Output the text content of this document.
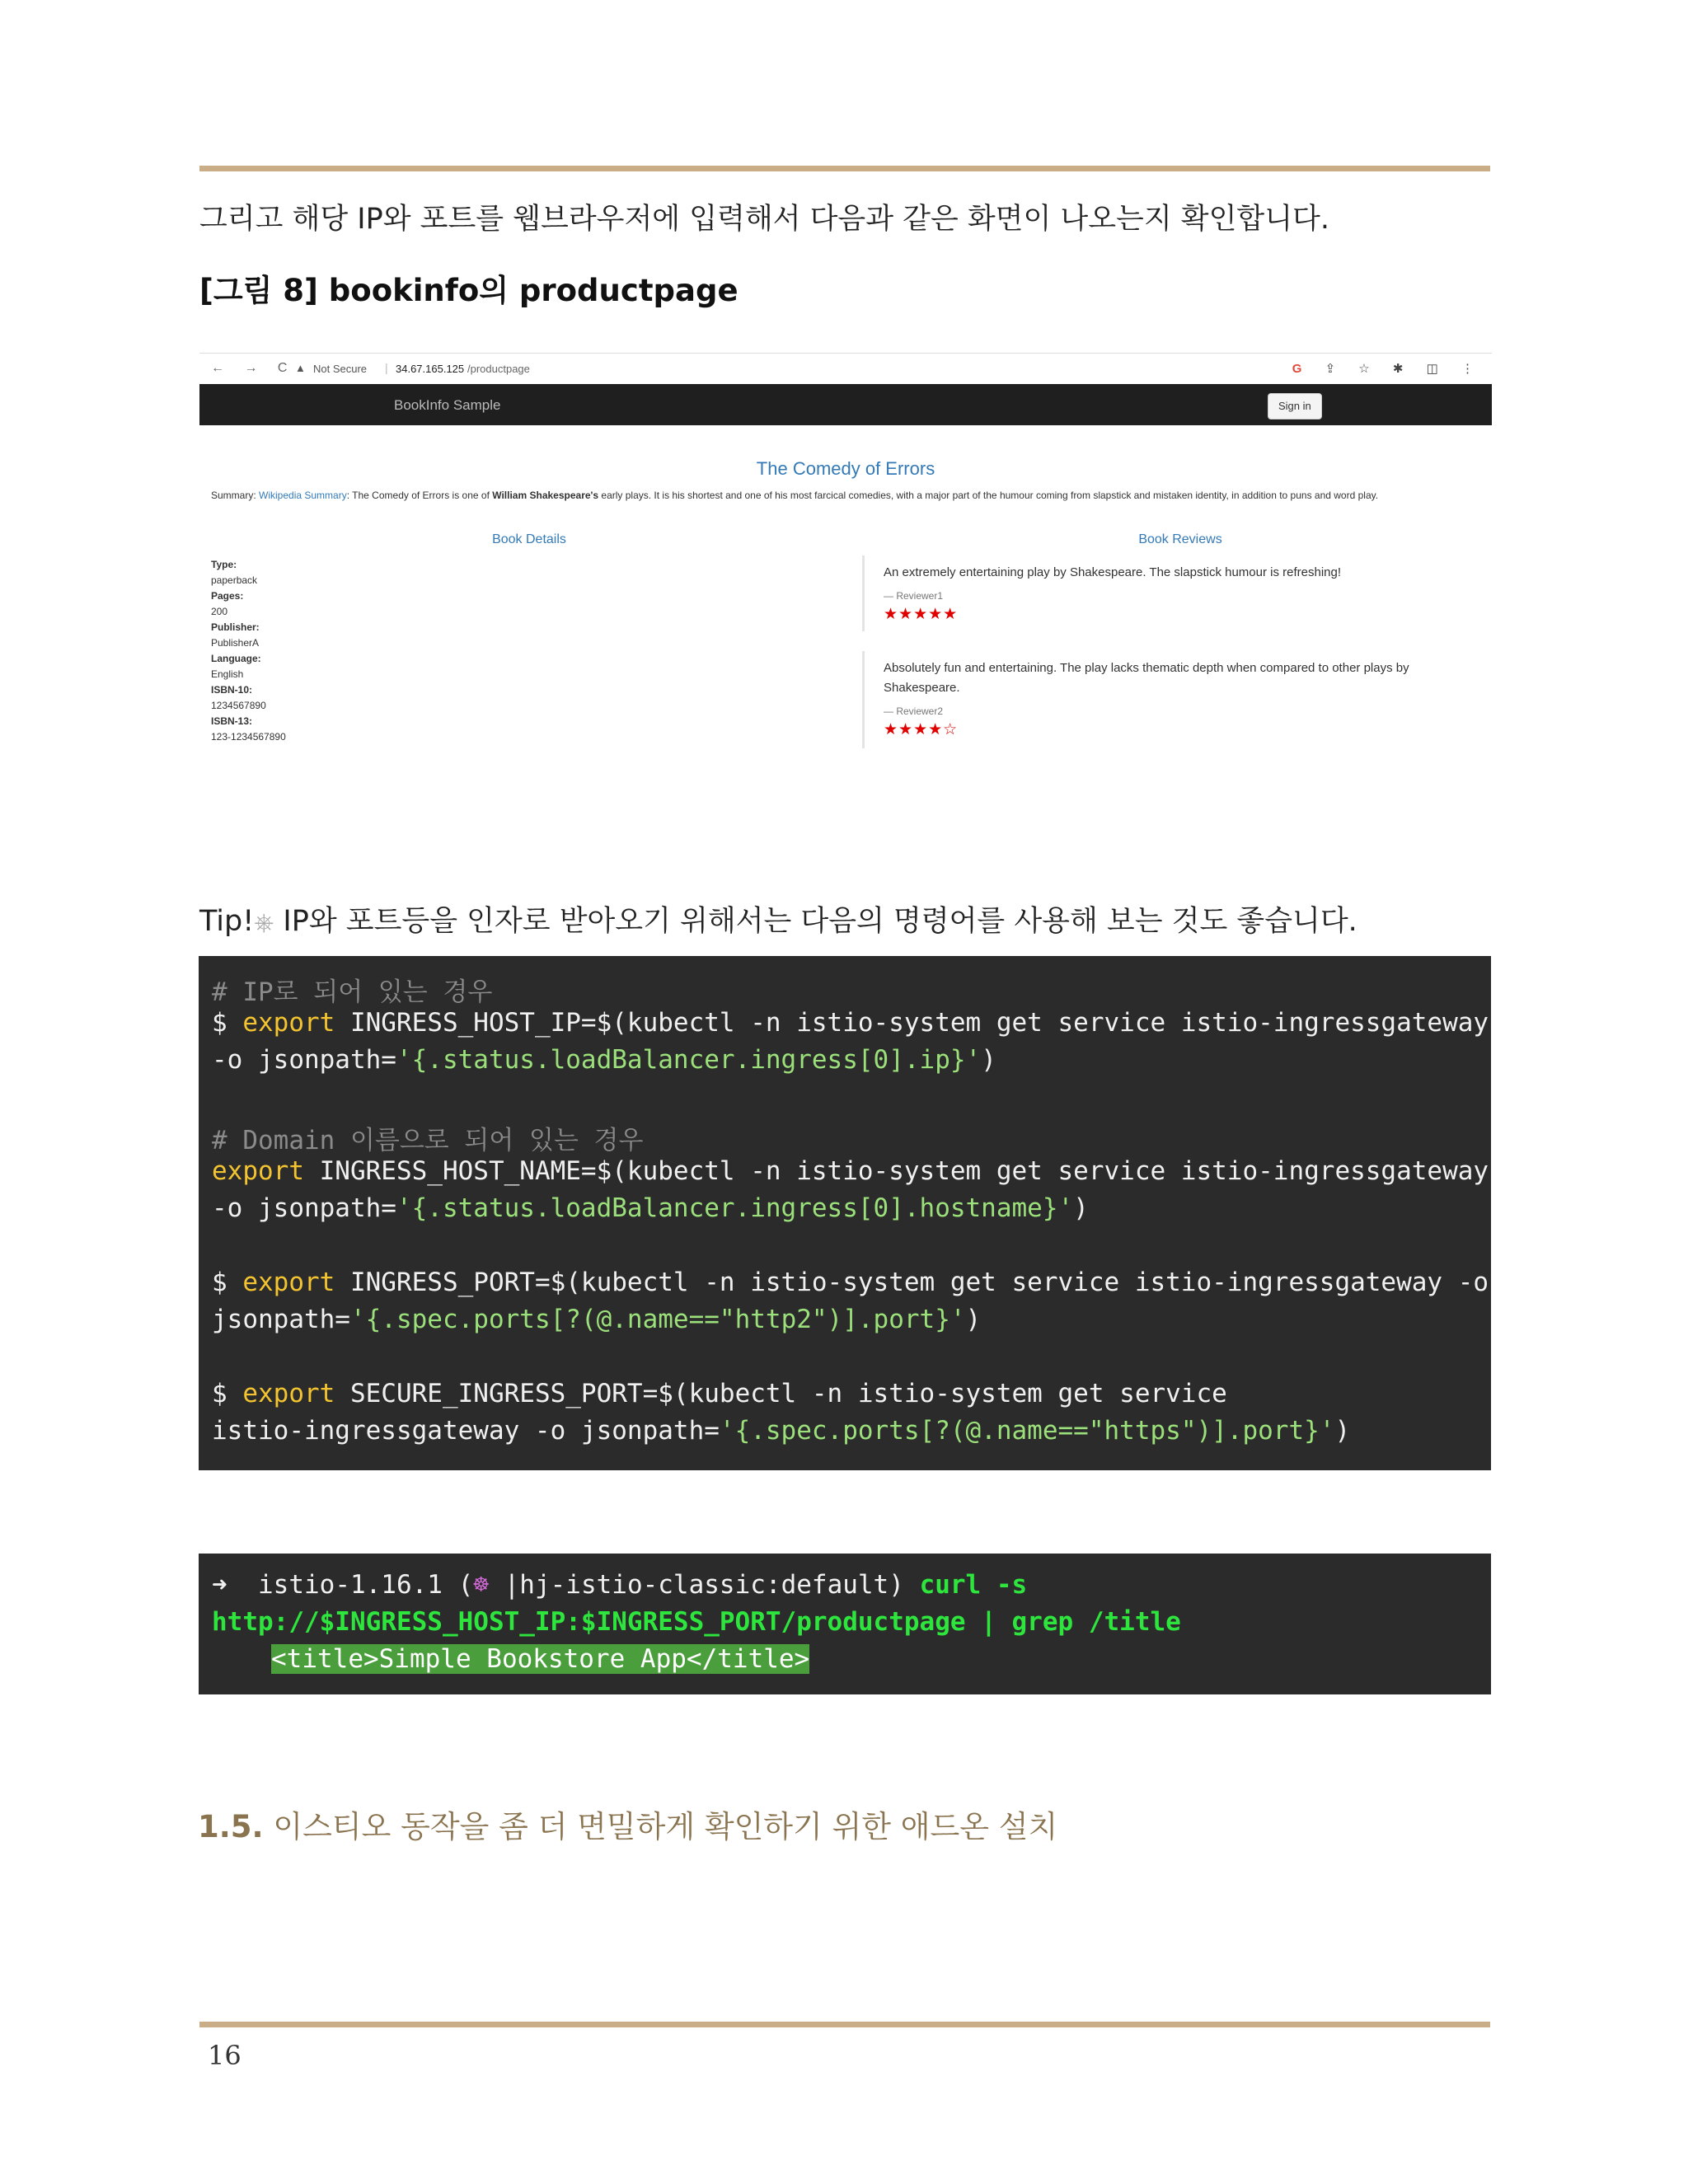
그리고 해당 IP와 포트를 웹브라우저에 입력해서 다음과 같은 화면이 나오는지 확인합니다.
[그림 8] bookinfo의 productpage
← → C ▲ Not Secure | 34.67.165.125 /productpage	G ⇪ ☆ ✱ ◫ ⋮
BookInfo Sample	Sign in
The Comedy of Errors
Summary: Wikipedia Summary: The Comedy of Errors is one of William Shakespeare's early plays. It is his shortest and one of his most farcical comedies, with a major part of the humour coming from slapstick and mistaken identity, in addition to puns and word play.
Book Details	Book Reviews
Type:
paperback
Pages:
200
Publisher:
PublisherA
Language:
English
ISBN-10:
1234567890
ISBN-13:
123-1234567890
An extremely entertaining play by Shakespeare. The slapstick humour is refreshing!
— Reviewer1
★★★★★
Absolutely fun and entertaining. The play lacks thematic depth when compared to other plays by Shakespeare.
— Reviewer2
★★★★☆
Tip!⎈ IP와 포트등을 인자로 받아오기 위해서는 다음의 명령어를 사용해 보는 것도 좋습니다.
# IP로 되어 있는 경우
$ export INGRESS_HOST_IP=$(kubectl -n istio-system get service istio-ingressgateway
-o jsonpath='{.status.loadBalancer.ingress[0].ip}')
# Domain 이름으로 되어 있는 경우
export INGRESS_HOST_NAME=$(kubectl -n istio-system get service istio-ingressgateway
-o jsonpath='{.status.loadBalancer.ingress[0].hostname}')
$ export INGRESS_PORT=$(kubectl -n istio-system get service istio-ingressgateway -o
jsonpath='{.spec.ports[?(@.name=="http2")].port}')
$ export SECURE_INGRESS_PORT=$(kubectl -n istio-system get service
istio-ingressgateway -o jsonpath='{.spec.ports[?(@.name=="https")].port}')
➜  istio-1.16.1 (☸ |hj-istio-classic:default) curl -s
http://$INGRESS_HOST_IP:$INGRESS_PORT/productpage | grep /title
<title>Simple Bookstore App</title>
1.5. 이스티오 동작을 좀 더 면밀하게 확인하기 위한 애드온 설치
16
